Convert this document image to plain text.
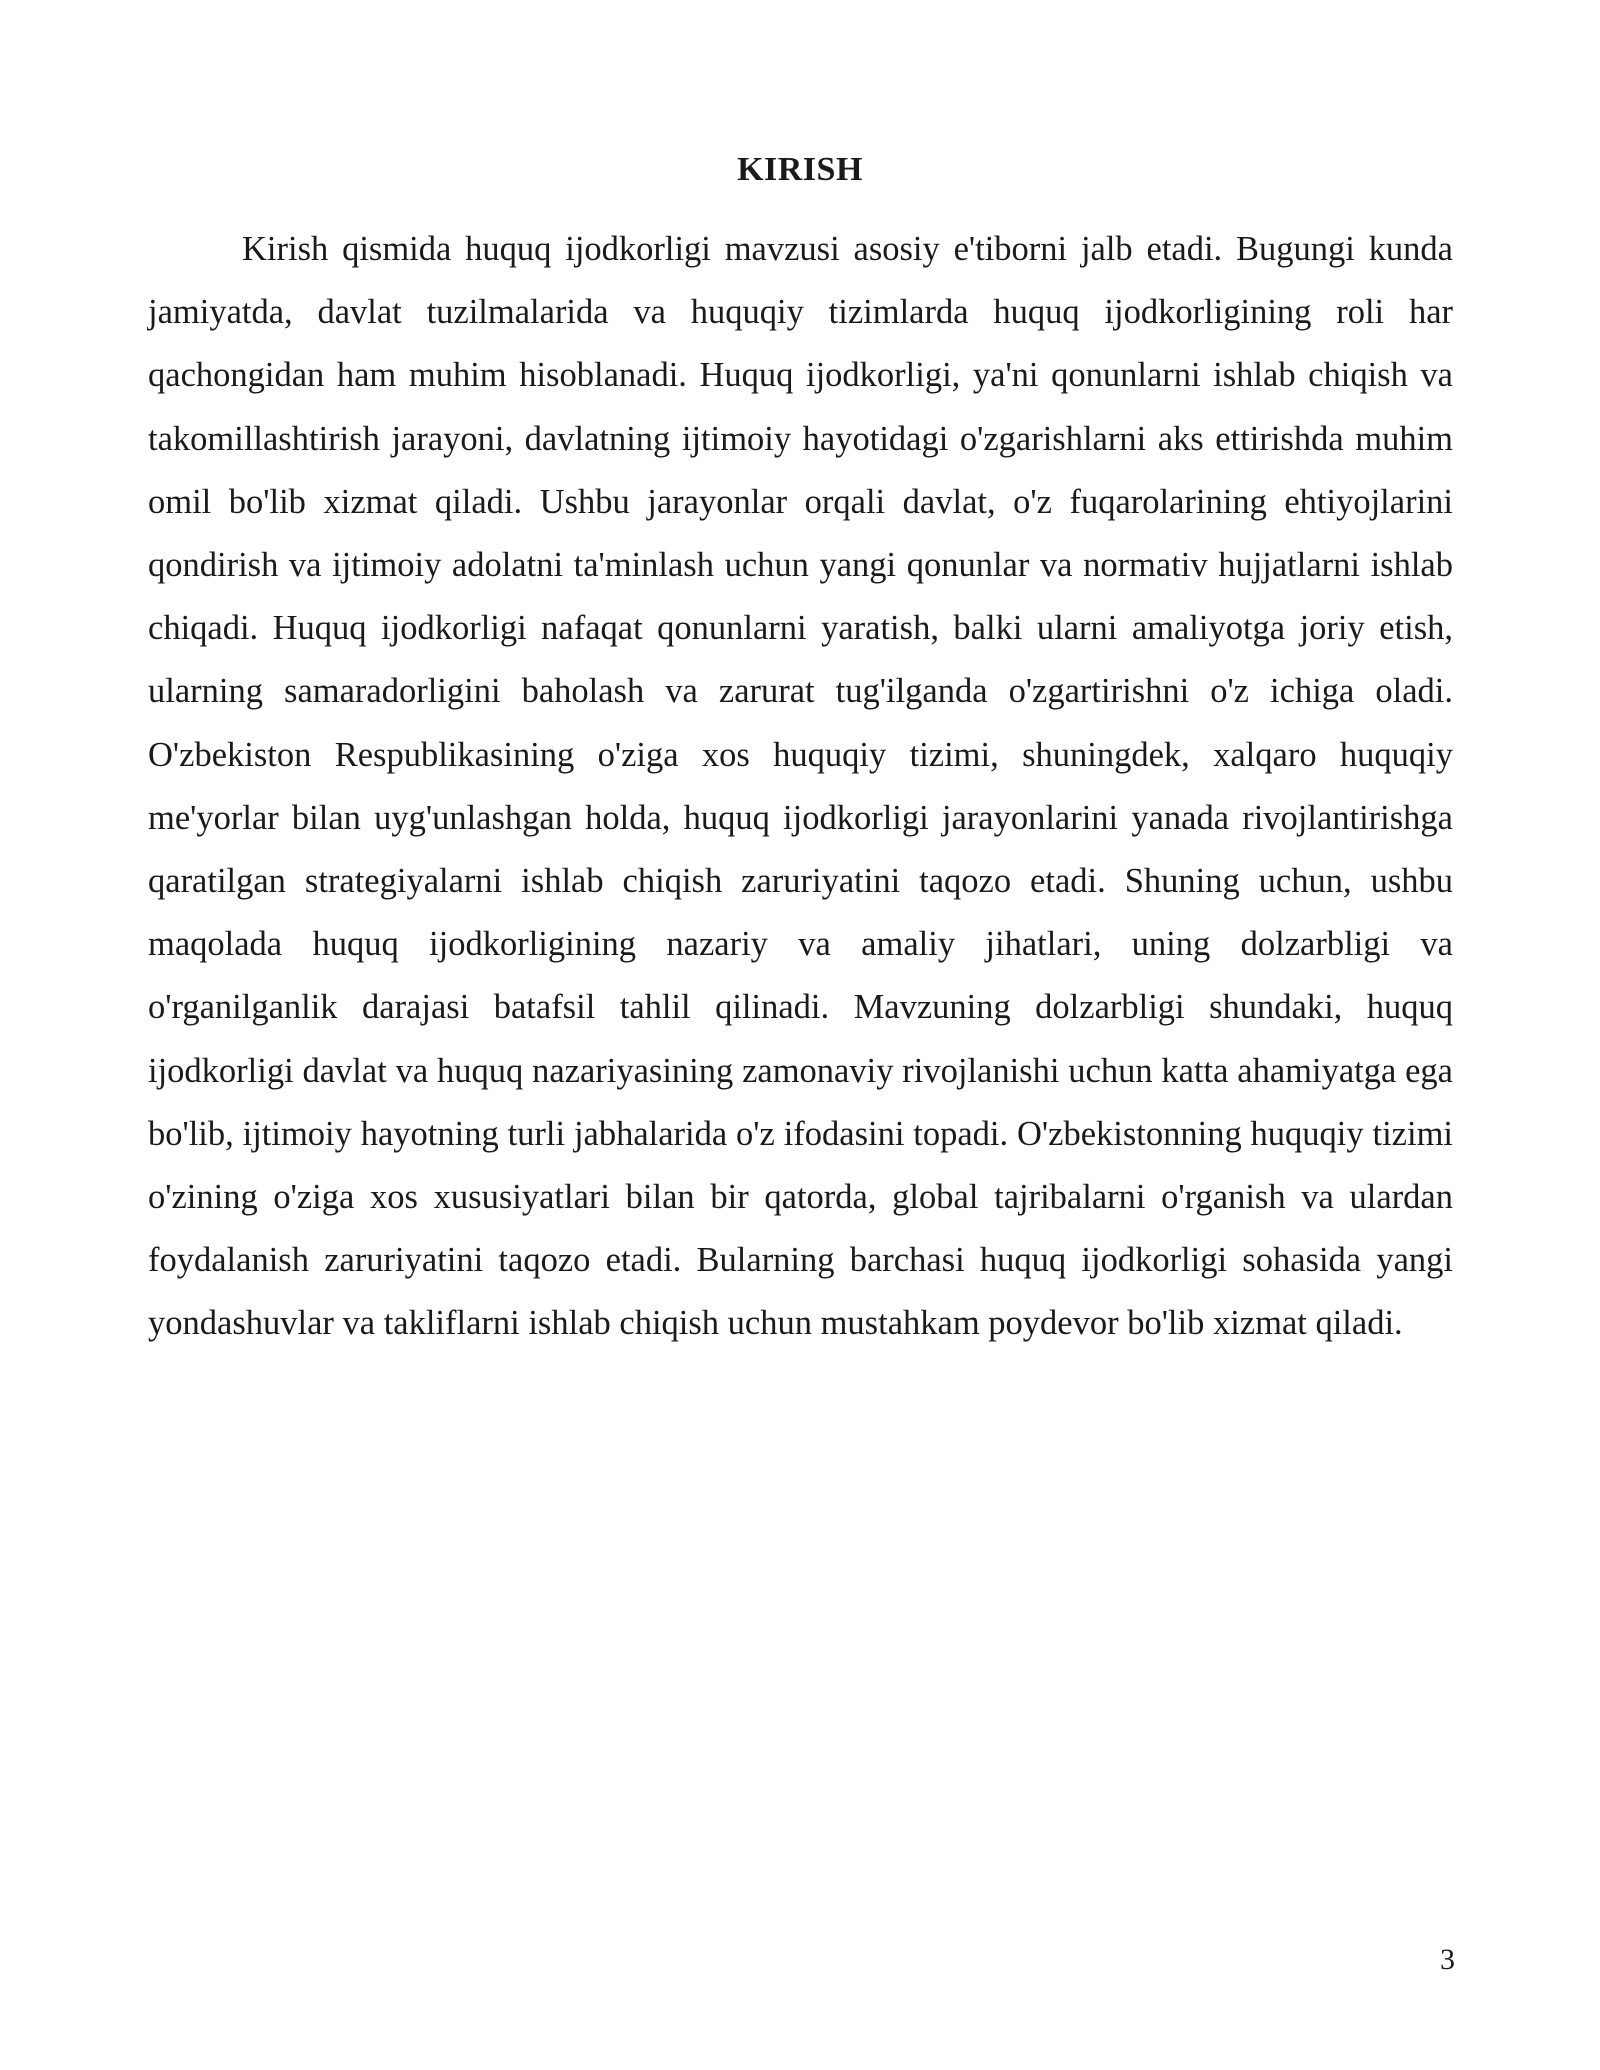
KIRISH

Kirish qismida huquq ijodkorligi mavzusi asosiy e'tiborni jalb etadi. Bugungi kunda jamiyatda, davlat tuzilmalarida va huquqiy tizimlarda huquq ijodkorligining roli har qachongidan ham muhim hisoblanadi. Huquq ijodkorligi, ya'ni qonunlarni ishlab chiqish va takomillashtirish jarayoni, davlatning ijtimoiy hayotidagi o'zgarishlarni aks ettirishda muhim omil bo'lib xizmat qiladi. Ushbu jarayonlar orqali davlat, o'z fuqarolarining ehtiyojlarini qondirish va ijtimoiy adolatni ta'minlash uchun yangi qonunlar va normativ hujjatlarni ishlab chiqadi. Huquq ijodkorligi nafaqat qonunlarni yaratish, balki ularni amaliyotga joriy etish, ularning samaradorligini baholash va zarurat tug'ilganda o'zgartirishni o'z ichiga oladi. O'zbekiston Respublikasining o'ziga xos huquqiy tizimi, shuningdek, xalqaro huquqiy me'yorlar bilan uyg'unlashgan holda, huquq ijodkorligi jarayonlarini yanada rivojlantirishga qaratilgan strategiyalarni ishlab chiqish zaruriyatini taqozo etadi. Shuning uchun, ushbu maqolada huquq ijodkorligining nazariy va amaliy jihatlari, uning dolzarbligi va o'rganilganlik darajasi batafsil tahlil qilinadi. Mavzuning dolzarbligi shundaki, huquq ijodkorligi davlat va huquq nazariyasining zamonaviy rivojlanishi uchun katta ahamiyatga ega bo'lib, ijtimoiy hayotning turli jabhalarida o'z ifodasini topadi. O'zbekistonning huquqiy tizimi o'zining o'ziga xos xususiyatlari bilan bir qatorda, global tajribalarni o'rganish va ulardan foydalanish zaruriyatini taqozo etadi. Bularning barchasi huquq ijodkorligi sohasida yangi yondashuvlar va takliflarni ishlab chiqish uchun mustahkam poydevor bo'lib xizmat qiladi.

3
